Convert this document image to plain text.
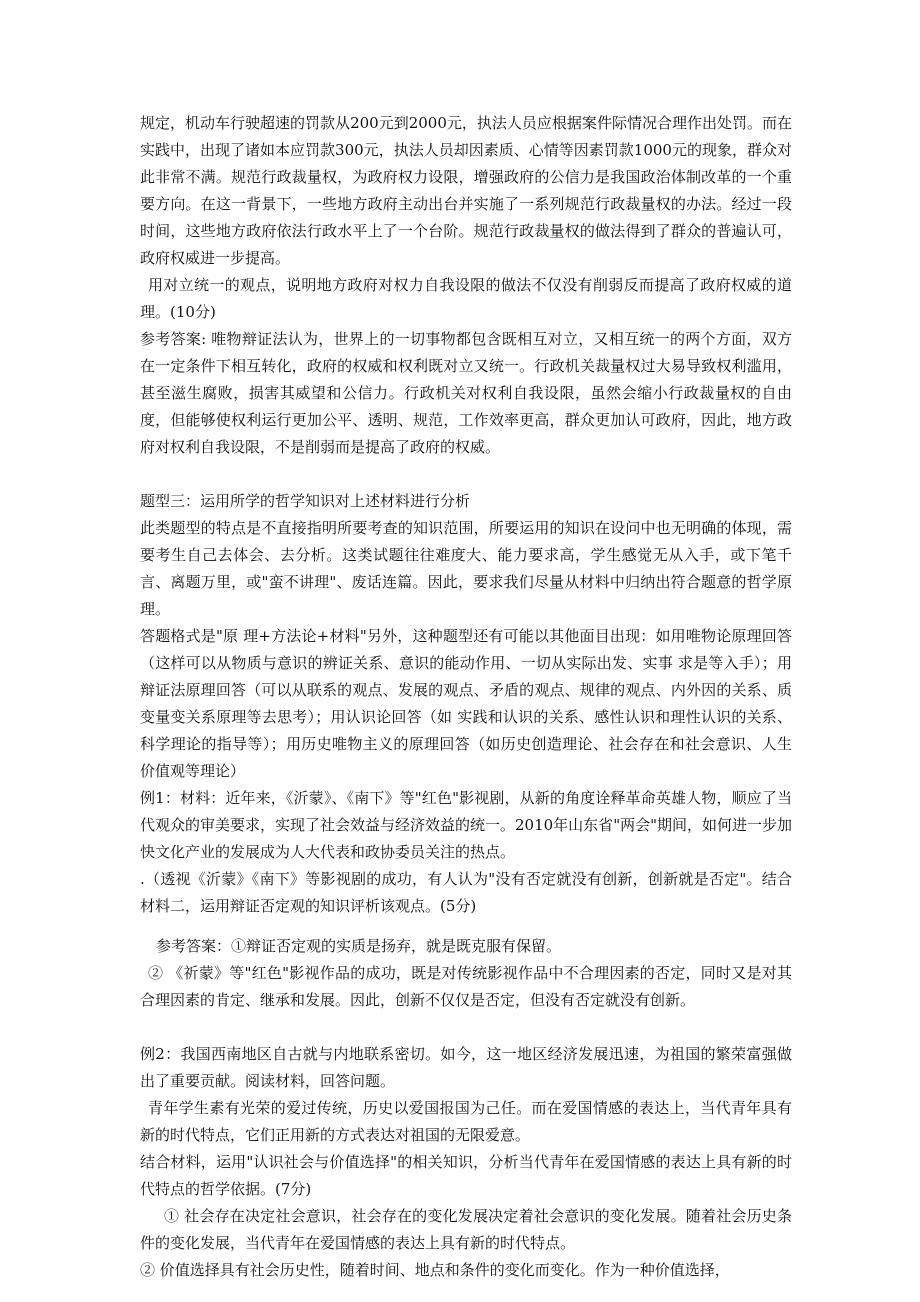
规定，机动车行驶超速的罚款从200元到2000元，执法人员应根据案件际情况合理作出处罚。而在实践中，出现了诸如本应罚款300元，执法人员却因素质、心情等因素罚款1000元的现象，群众对此非常不满。规范行政裁量权，为政府权力设限，增强政府的公信力是我国政治体制改革的一个重要方向。在这一背景下，一些地方政府主动出台并实施了一系列规范行政裁量权的办法。经过一段时间，这些地方政府依法行政水平上了一个台阶。规范行政裁量权的做法得到了群众的普遍认可，政府权威进一步提高。

用对立统一的观点，说明地方政府对权力自我设限的做法不仅没有削弱反而提高了政府权威的道理。(10分)

参考答案: 唯物辩证法认为，世界上的一切事物都包含既相互对立，又相互统一的两个方面，双方在一定条件下相互转化，政府的权威和权利既对立又统一。行政机关裁量权过大易导致权利滥用，甚至滋生腐败，损害其威望和公信力。行政机关对权利自我设限，虽然会缩小行政裁量权的自由度，但能够使权利运行更加公平、透明、规范，工作效率更高，群众更加认可政府，因此，地方政府对权利自我设限，不是削弱而是提高了政府的权威。

题型三：运用所学的哲学知识对上述材料进行分析

此类题型的特点是不直接指明所要考查的知识范围，所要运用的知识在设问中也无明确的体现，需要考生自己去体会、去分析。这类试题往往难度大、能力要求高，学生感觉无从入手，或下笔千言、离题万里，或"蛮不讲理"、废话连篇。因此，要求我们尽量从材料中归纳出符合题意的哲学原理。

答题格式是"原 理+方法论+材料"另外，这种题型还有可能以其他面目出现：如用唯物论原理回答（这样可以从物质与意识的辨证关系、意识的能动作用、一切从实际出发、实事 求是等入手）；用辩证法原理回答（可以从联系的观点、发展的观点、矛盾的观点、规律的观点、内外因的关系、质变量变关系原理等去思考）；用认识论回答（如 实践和认识的关系、感性认识和理性认识的关系、科学理论的指导等）；用历史唯物主义的原理回答（如历史创造理论、社会存在和社会意识、人生价值观等理论）

例1：材料：近年来，《沂蒙》、《南下》等"红色"影视剧，从新的角度诠释革命英雄人物，顺应了当代观众的审美要求，实现了社会效益与经济效益的统一。2010年山东省"两会"期间，如何进一步加快文化产业的发展成为人大代表和政协委员关注的热点。

.（透视《沂蒙》《南下》等影视剧的成功，有人认为"没有否定就没有创新，创新就是否定"。结合材料二，运用辩证否定观的知识评析该观点。(5分)

参考答案：①辩证否定观的实质是扬弃，就是既克服有保留。

② 《祈蒙》等"红色"影视作品的成功，既是对传统影视作品中不合理因素的否定，同时又是对其合理因素的肯定、继承和发展。因此，创新不仅仅是否定，但没有否定就没有创新。

例2：我国西南地区自古就与内地联系密切。如今，这一地区经济发展迅速，为祖国的繁荣富强做出了重要贡献。阅读材料，回答问题。

青年学生素有光荣的爱过传统，历史以爱国报国为己任。而在爱国情感的表达上，当代青年具有新的时代特点，它们正用新的方式表达对祖国的无限爱意。

结合材料，运用"认识社会与价值选择"的相关知识，分析当代青年在爱国情感的表达上具有新的时代特点的哲学依据。(7分)

① 社会存在决定社会意识，社会存在的变化发展决定着社会意识的变化发展。随着社会历史条件的变化发展，当代青年在爱国情感的表达上具有新的时代特点。

② 价值选择具有社会历史性，随着时间、地点和条件的变化而变化。作为一种价值选择，
